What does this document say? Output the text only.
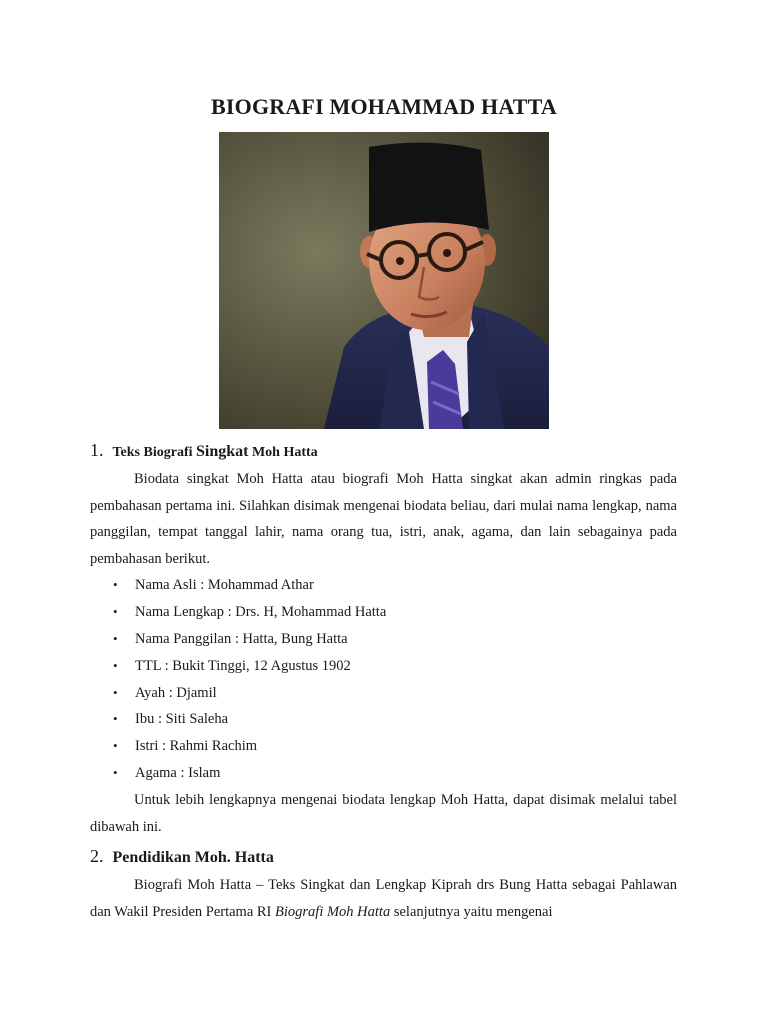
BIOGRAFI MOHAMMAD HATTA
1. Teks Biografi Singkat Moh Hatta

Biodata singkat Moh Hatta atau biografi Moh Hatta singkat akan admin ringkas pada pembahasan pertama ini. Silahkan disimak mengenai biodata beliau, dari mulai nama lengkap, nama panggilan, tempat tanggal lahir, nama orang tua, istri, anak, agama, dan lain sebagainya pada pembahasan berikut.

• Nama Asli : Mohammad Athar
• Nama Lengkap : Drs. H, Mohammad Hatta
• Nama Panggilan : Hatta, Bung Hatta
• TTL : Bukit Tinggi, 12 Agustus 1902
• Ayah : Djamil
• Ibu : Siti Saleha
• Istri : Rahmi Rachim
• Agama : Islam

Untuk lebih lengkapnya mengenai biodata lengkap Moh Hatta, dapat disimak melalui tabel dibawah ini.

2. Pendidikan Moh. Hatta

Biografi Moh Hatta – Teks Singkat dan Lengkap Kiprah drs Bung Hatta sebagai Pahlawan dan Wakil Presiden Pertama RI Biografi Moh Hatta selanjutnya yaitu mengenai
